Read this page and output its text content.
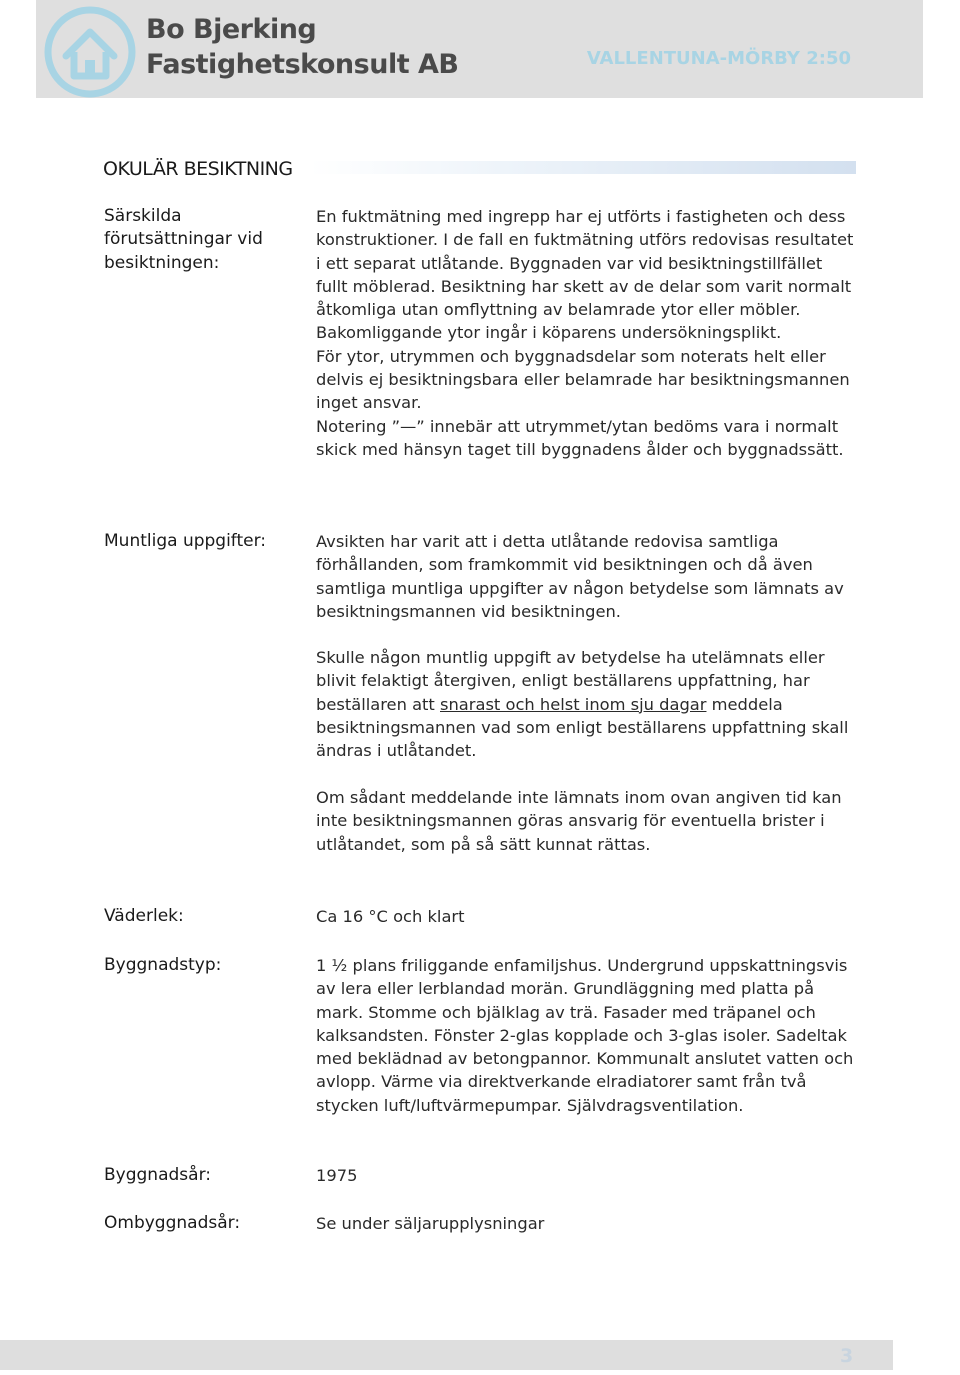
Bo Bjerking
Fastighetskonsult AB	VALLENTUNA-MÖRBY 2:50
OKULÄR BESIKTNING
Särskilda förutsättningar vid besiktningen:

En fuktmätning med ingrepp har ej utförts i fastigheten och dess konstruktioner. I de fall en fuktmätning utförs redovisas resultatet i ett separat utlåtande. Byggnaden var vid besiktningstillfället fullt möblerad. Besiktning har skett av de delar som varit normalt åtkomliga utan omflyttning av belamrade ytor eller möbler. Bakomliggande ytor ingår i köparens undersökningsplikt.

För ytor, utrymmen och byggnadsdelar som noterats helt eller delvis ej besiktningsbara eller belamrade har besiktningsmannen inget ansvar.

Notering ”—” innebär att utrymmet/ytan bedöms vara i normalt skick med hänsyn taget till byggnadens ålder och byggnadssätt.

Muntliga uppgifter:	Avsikten har varit att i detta utlåtande redovisa samtliga förhållanden, som framkommit vid besiktningen och då även samtliga muntliga uppgifter av någon betydelse som lämnats av besiktningsmannen vid besiktningen.
Skulle någon muntlig uppgift av betydelse ha utelämnats eller blivit felaktigt återgiven, enligt beställarens uppfattning, har beställaren att snarast och helst inom sju dagar meddela besiktningsmannen vad som enligt beställarens uppfattning skall ändras i utlåtandet.
Om sådant meddelande inte lämnats inom ovan angiven tid kan inte besiktningsmannen göras ansvarig för eventuella brister i utlåtandet, som på så sätt kunnat rättas.
Väderlek:	Ca 16 °C och klart
Byggnadstyp:	1 ½ plans friliggande enfamiljshus. Undergrund uppskattningsvis av lera eller lerblandad morän. Grundläggning med platta på mark. Stomme och bjälklag av trä. Fasader med träpanel och kalksandsten. Fönster 2-glas kopplade och 3-glas isoler. Sadeltak med beklädnad av betongpannor. Kommunalt anslutet vatten och avlopp. Värme via direktverkande elradiatorer samt från två stycken luft/luftvärmepumpar. Självdragsventilation.
Byggnadsår:	1975
Ombyggnadsår:	Se under säljarupplysningar
3
